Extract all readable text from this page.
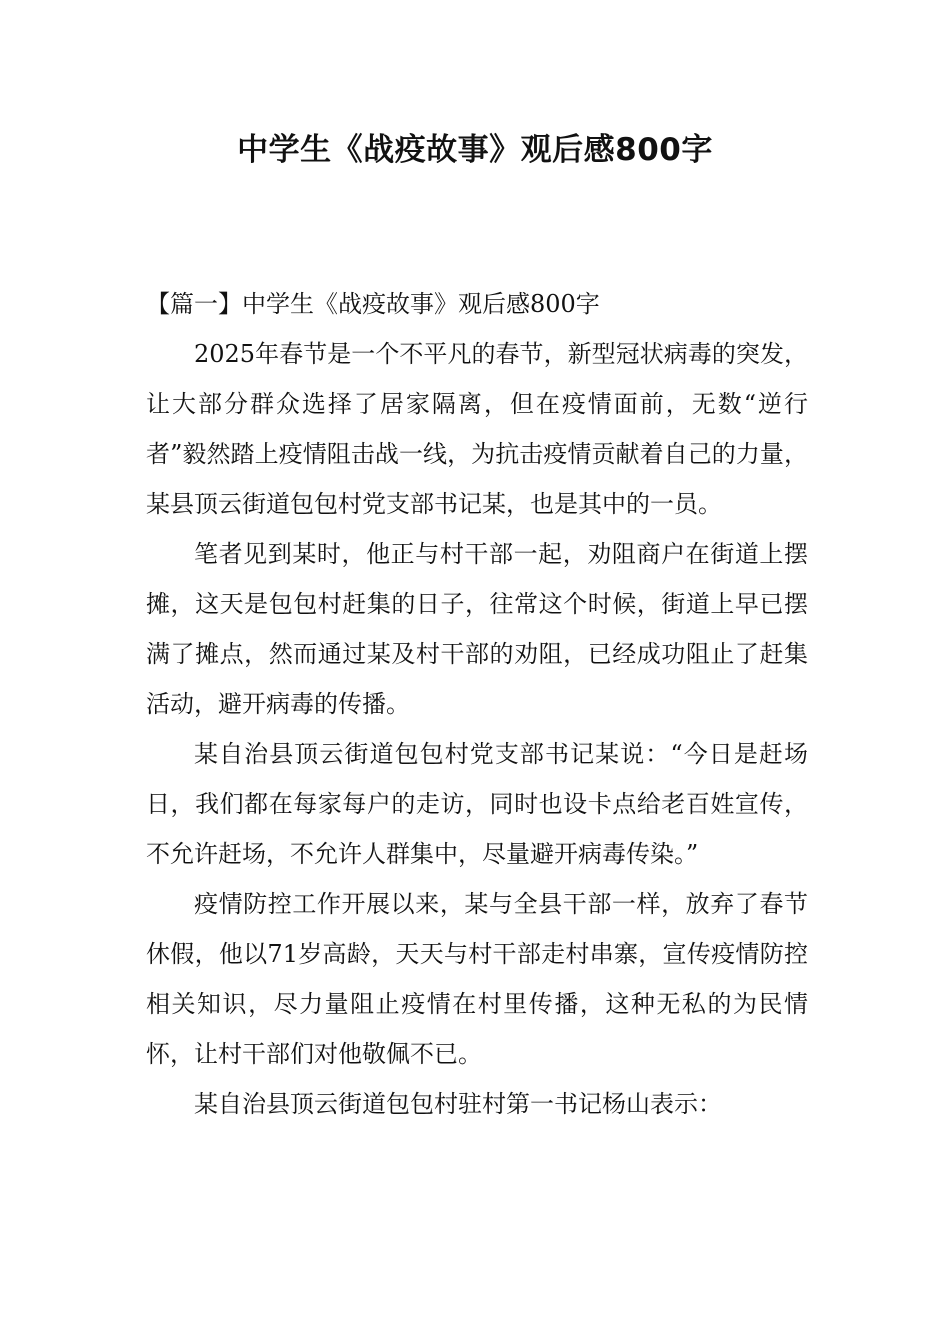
中学生《战疫故事》观后感800字

【篇一】中学生《战疫故事》观后感800字

2025年春节是一个不平凡的春节，新型冠状病毒的突发，让大部分群众选择了居家隔离，但在疫情面前，无数“逆行者”毅然踏上疫情阻击战一线，为抗击疫情贡献着自己的力量，某县顶云街道包包村党支部书记某，也是其中的一员。

笔者见到某时，他正与村干部一起，劝阻商户在街道上摆摊，这天是包包村赶集的日子，往常这个时候，街道上早已摆满了摊点，然而通过某及村干部的劝阻，已经成功阻止了赶集活动，避开病毒的传播。

某自治县顶云街道包包村党支部书记某说：“今日是赶场日，我们都在每家每户的走访，同时也设卡点给老百姓宣传，不允许赶场，不允许人群集中，尽量避开病毒传染。”

疫情防控工作开展以来，某与全县干部一样，放弃了春节休假，他以71岁高龄，天天与村干部走村串寨，宣传疫情防控相关知识，尽力量阻止疫情在村里传播，这种无私的为民情怀，让村干部们对他敬佩不已。

某自治县顶云街道包包村驻村第一书记杨山表示：
